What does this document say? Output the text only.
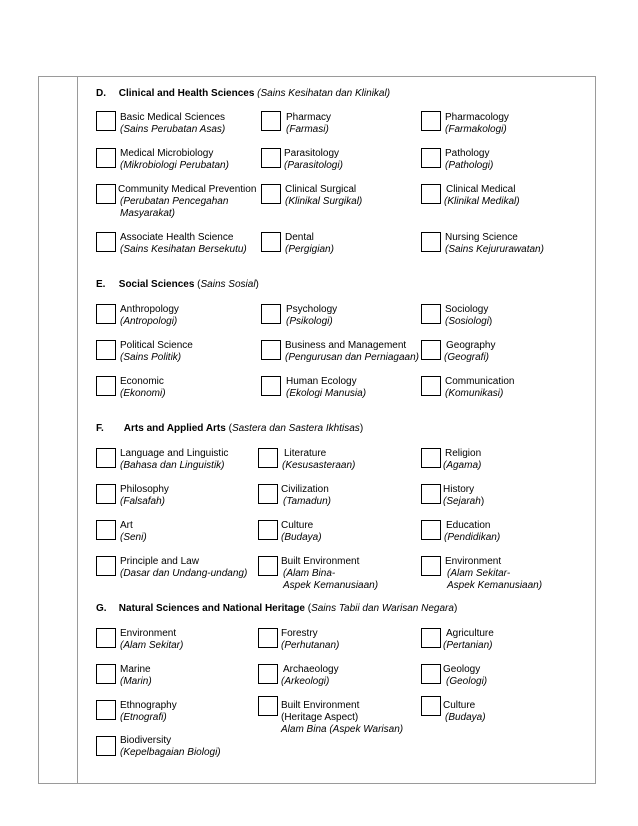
D. Clinical and Health Sciences (Sains Kesihatan dan Klinikal)
Basic Medical Sciences
(Sains Perubatan Asas)
Pharmacy
(Farmasi)
Pharmacology
(Farmakologi)
Medical Microbiology
(Mikrobiologi Perubatan)
Parasitology
(Parasitologi)
Pathology
(Pathologi)
Community Medical Prevention
(Perubatan Pencegahan
Masyarakat)
Clinical Surgical
(Klinikal Surgikal)
Clinical Medical
(Klinikal Medikal)
Associate Health Science
(Sains Kesihatan Bersekutu)
Dental
(Pergigian)
Nursing Science
(Sains Kejururawatan)
E. Social Sciences (Sains Sosial)
Anthropology
(Antropologi)
Psychology
(Psikologi)
Sociology
(Sosiologi)
Political Science
(Sains Politik)
Business and Management
(Pengurusan dan Perniagaan)
Geography
(Geografi)
Economic
(Ekonomi)
Human Ecology
(Ekologi Manusia)
Communication
(Komunikasi)
F. Arts and Applied Arts (Sastera dan Sastera Ikhtisas)
Language and Linguistic
(Bahasa dan Linguistik)
Literature
(Kesusasteraan)
Religion
(Agama)
Philosophy
(Falsafah)
Civilization
(Tamadun)
History
(Sejarah)
Art
(Seni)
Culture
(Budaya)
Education
(Pendidikan)
Principle and Law
(Dasar dan Undang-undang)
Built Environment
(Alam Bina-
Aspek Kemanusiaan)
Environment
(Alam Sekitar-
Aspek Kemanusiaan)
G. Natural Sciences and National Heritage (Sains Tabii dan Warisan Negara)
Environment
(Alam Sekitar)
Forestry
(Perhutanan)
Agriculture
(Pertanian)
Marine
(Marin)
Archaeology
(Arkeologi)
Geology
(Geologi)
Ethnography
(Etnografi)
Built Environment
(Heritage Aspect)
Alam Bina (Aspek Warisan)
Culture
(Budaya)
Biodiversity
(Kepelbagaian Biologi)
